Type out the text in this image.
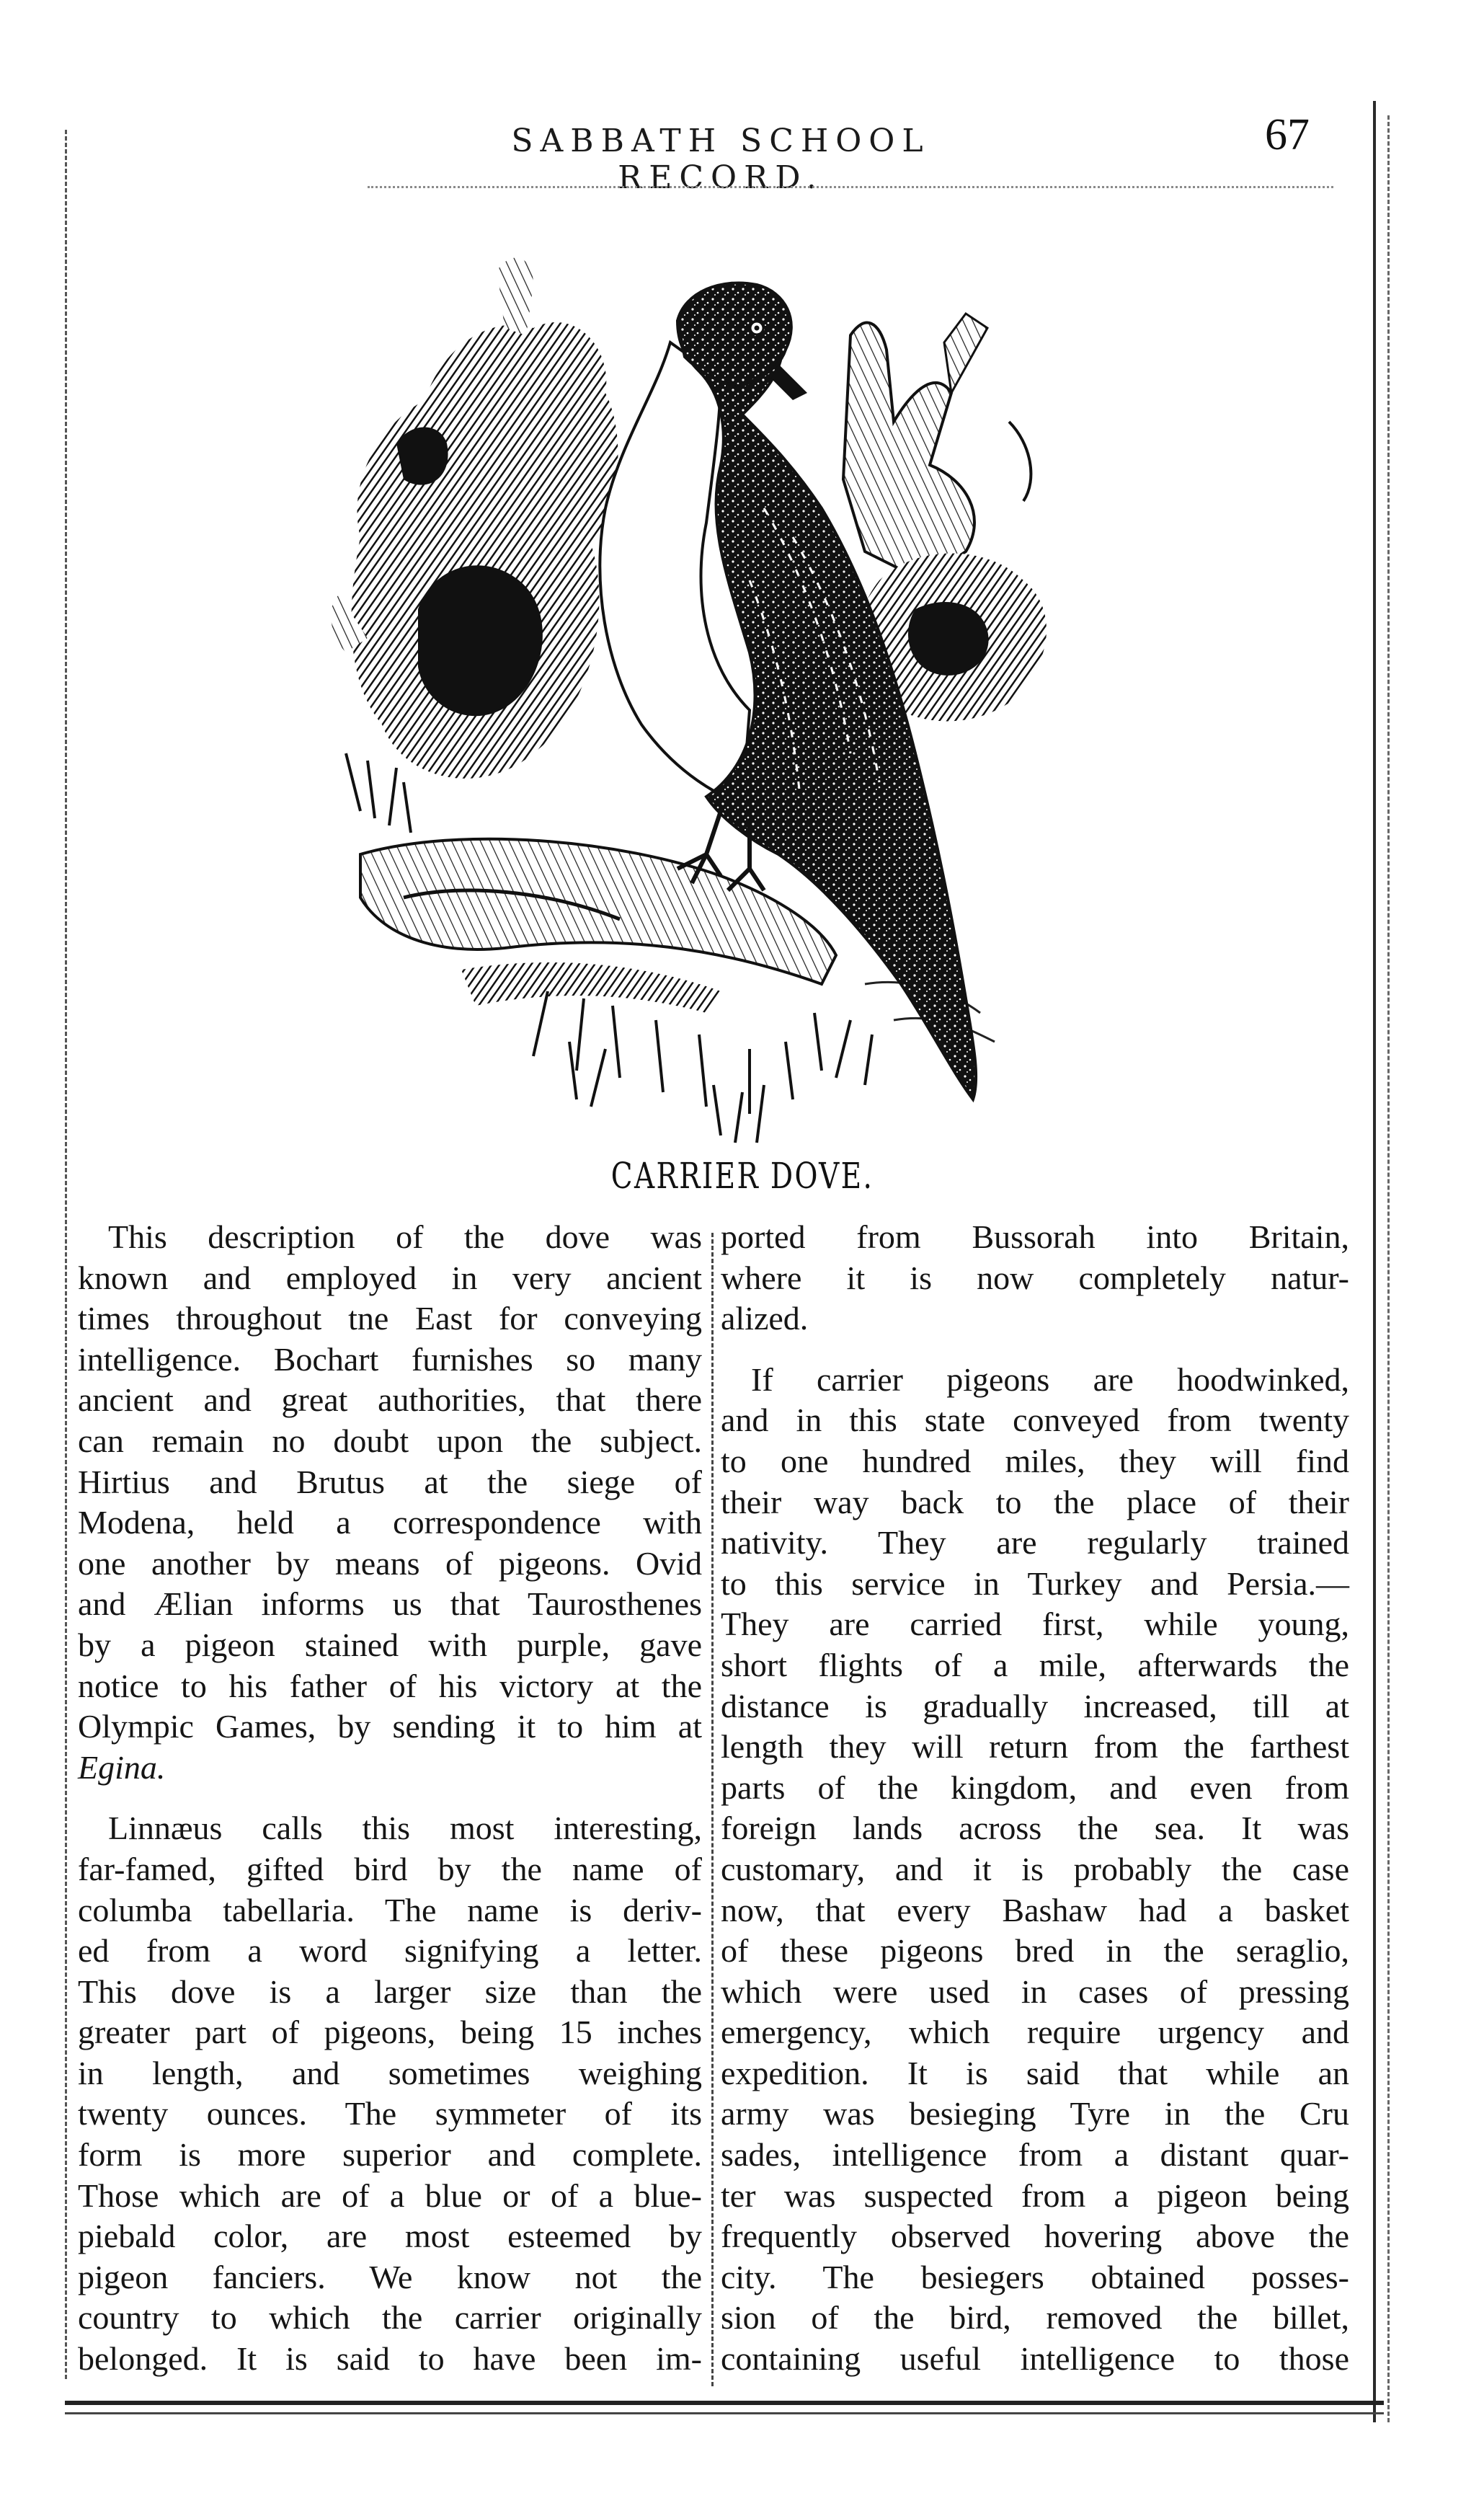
SABBATH SCHOOL RECORD.
67
CARRIER DOVE.
This description of the dove was
known and employed in very ancient
times throughout tne East for conveying
intelligence. Bochart furnishes so many
ancient and great authorities, that there
can remain no doubt upon the subject.
Hirtius and Brutus at the siege of
Modena, held a correspondence with
one another by means of pigeons. Ovid
and Ælian informs us that Taurosthenes
by a pigeon stained with purple, gave
notice to his father of his victory at the
Olympic Games, by sending it to him at
Egina.
Linnæus calls this most interesting,
far-famed, gifted bird by the name of
columba tabellaria. The name is deriv-
ed from a word signifying a letter.
This dove is a larger size than the
greater part of pigeons, being 15 inches
in length, and sometimes weighing
twenty ounces. The symmeter of its
form is more superior and complete.
Those which are of a blue or of a blue-
piebald color, are most esteemed by
pigeon fanciers. We know not the
country to which the carrier originally
belonged. It is said to have been im-
ported from Bussorah into Britain,
where it is now completely natur-
alized.
If carrier pigeons are hoodwinked,
and in this state conveyed from twenty
to one hundred miles, they will find
their way back to the place of their
nativity. They are regularly trained
to this service in Turkey and Persia.—
They are carried first, while young,
short flights of a mile, afterwards the
distance is gradually increased, till at
length they will return from the farthest
parts of the kingdom, and even from
foreign lands across the sea. It was
customary, and it is probably the case
now, that every Bashaw had a basket
of these pigeons bred in the seraglio,
which were used in cases of pressing
emergency, which require urgency and
expedition. It is said that while an
army was besieging Tyre in the Cru
sades, intelligence from a distant quar-
ter was suspected from a pigeon being
frequently observed hovering above the
city. The besiegers obtained posses-
sion of the bird, removed the billet,
containing useful intelligence to those
